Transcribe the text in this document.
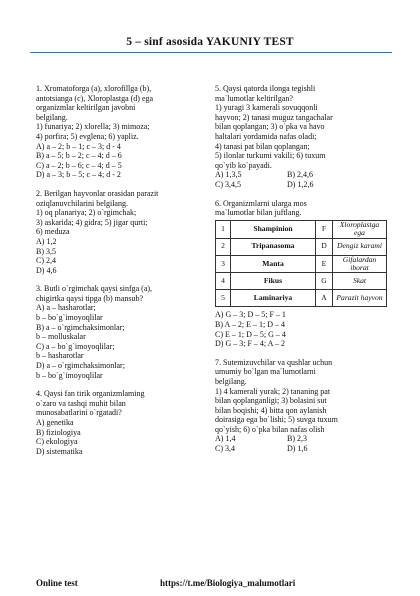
5 – sinf asosida YAKUNIY TEST
1. Xromatoforga (a), xlorofillga (b),
antotsianga (c), Xloroplastga (d) ega
organizmlar keltirilgan javobni
belgilang.
1) funariya; 2) xlorella; 3) mimoza;
4) porfira; 5) evglena; 6) yapliz.
A) a – 2; b – 1; c – 3; d - 4
B) a – 5; b – 2; c – 4; d – 6
C) a – 2; b – 6; c – 4; d – 5
D) a – 3; b – 5; c – 4; d - 2
2. Berilgan hayvonlar orasidan parazit
oziqlanuvchilarini belgilang.
1) oq planariya; 2) o`rgimchak;
3) askarida; 4) gidra; 5) jigar qurti;
6) meduza
A) 1,2
B) 3,5
C) 2,4
D) 4,6
3. Butli o`rgimchak qaysi sinfga (a),
chigirtka qaysi tipga (b) mansub?
A) a – hasharotlar;
b – bo`g`imoyoqlilar
B) a – o`rgimchaksimonlar;
b – molluskalar
C) a – bo`g`imoyoqlilar;
b – hasharotlar
D) a – o`rgimchaksimonlar;
b – bo`g`imoyoqlilar
4. Qaysi fan tirik organizmlaming
o`zaro va tashqi muhit bilan
munosabatlarini o`rgatadi?
A) genetika
B) fiziologiya
C) ekologiya
D) sistematika
5. Qaysi qatorda ilonga tegishli
ma`lumotlar keltirilgan?
1) yuragi 3 kamerali sovuqqonli
hayvon; 2) tanasi muguz tangachalar
bilan qoplangan; 3) o`pka va havo
haltalari yordamida nafas oladi;
4) tanasi pat bilan qoplangan;
5) ilonlar turkumi vakili; 6) tuxum
qo`yib ko`payadi.
A) 1,3,5	B) 2,4,6
C) 3,4,5	D) 1,2,6
6. Organizmlarni ularga mos
ma`lumotlar bilan juftlang.
1	Shampinion	F	Xloroplastga ega
2	Tripanasoma	D	Dengiz karami
3	Manta	E	Gifalardan iborat
4	Fikus	G	Skat
5	Laminariya	A	Parazit hayvon
A) G – 3; D – 5; F – 1
B) A – 2; E – 1; D – 4
C) E – 1; D – 5; G – 4
D) G – 3; F – 4; A – 2
7. Sutemizuvchilar va qushlar uchun
umumiy bo`lgan ma`lumotlarni
belgilang.
1) 4 kamerali yurak; 2) tananing pat
bilan qoplanganligi; 3) bolasini sut
bilan boqishi; 4) bitta qon aylanish
doirasiga ega bo`lishi; 5) suvga tuxum
qo`yish; 6) o`pka bilan nafas olish
A) 1,4	B) 2,3
C) 3,4	D) 1,6
Online test	https://t.me/Biologiya_malumotlari
